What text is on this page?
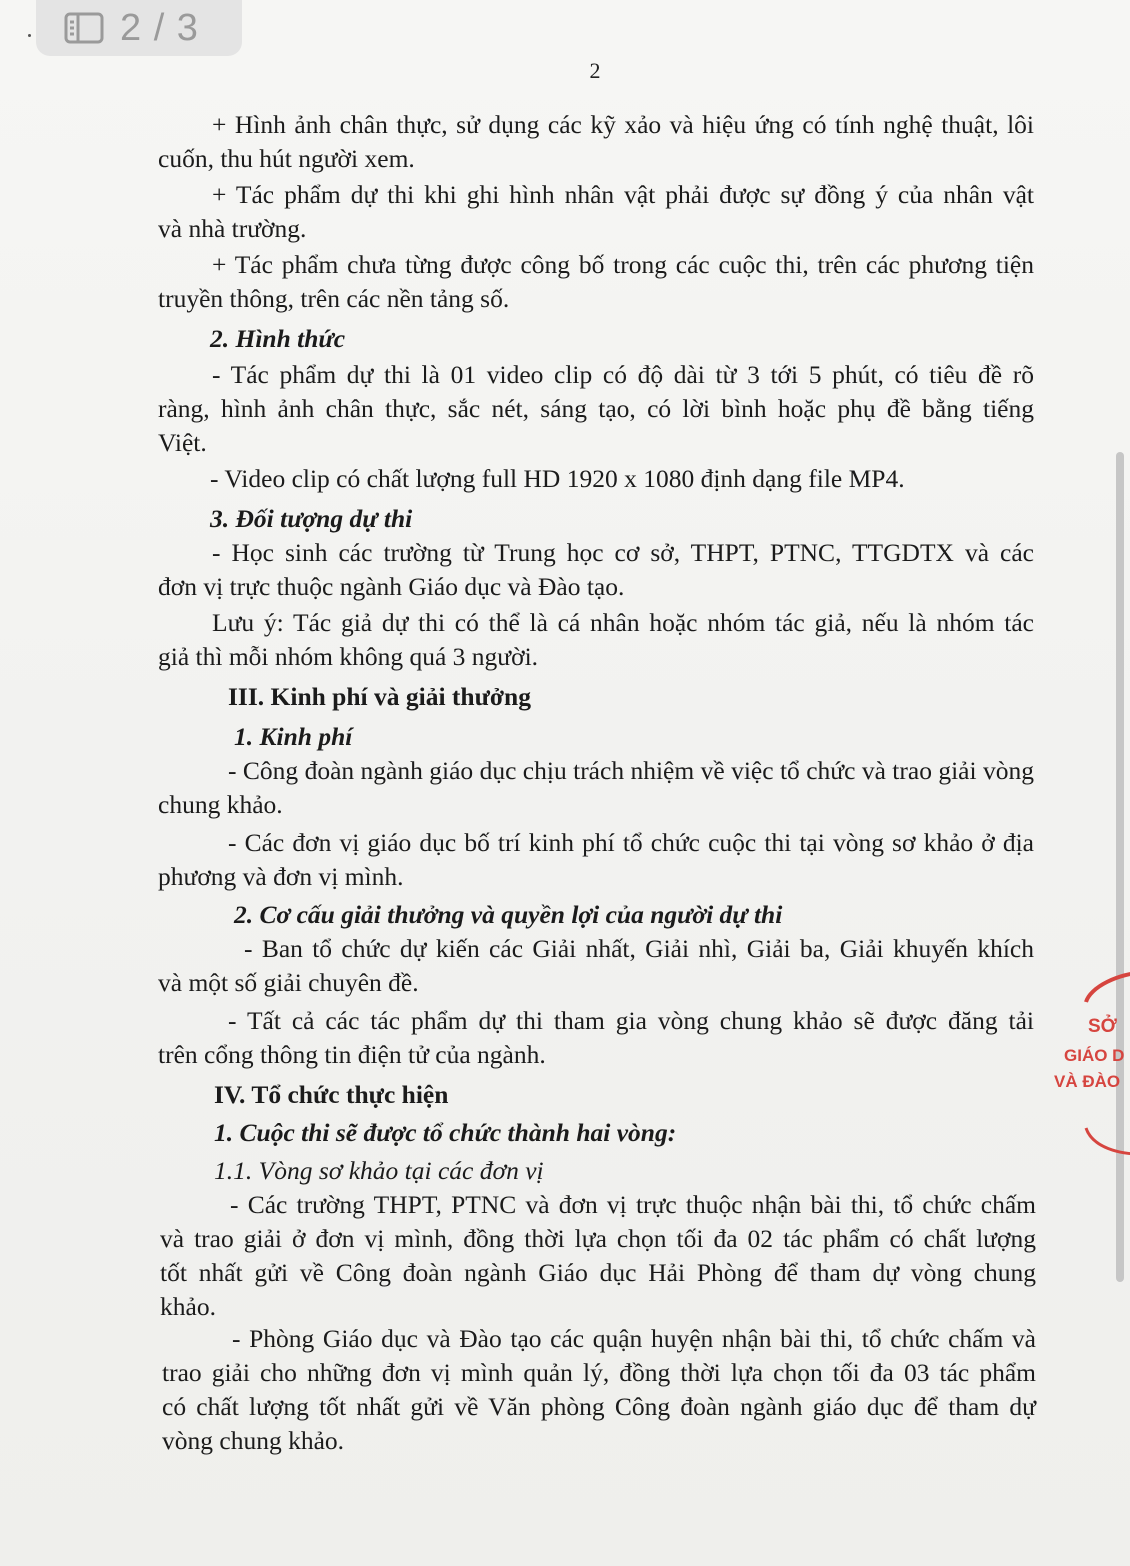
2 / 3
2
+ Hình ảnh chân thực, sử dụng các kỹ xảo và hiệu ứng có tính nghệ thuật, lôi
cuốn, thu hút người xem.
+ Tác phẩm dự thi khi ghi hình nhân vật phải được sự đồng ý của nhân vật
và nhà trường.
+ Tác phẩm chưa từng được công bố trong các cuộc thi, trên các phương tiện
truyền thông, trên các nền tảng số.
2. Hình thức
- Tác phẩm dự thi là 01 video clip có độ dài từ 3 tới 5 phút, có tiêu đề rõ
ràng, hình ảnh chân thực, sắc nét, sáng tạo, có lời bình hoặc phụ đề bằng tiếng
Việt.
- Video clip có chất lượng full HD 1920 x 1080 định dạng file MP4.
3. Đối tượng dự thi
- Học sinh các trường từ Trung học cơ sở, THPT, PTNC, TTGDTX và các
đơn vị trực thuộc ngành Giáo dục và Đào tạo.
Lưu ý: Tác giả dự thi có thể là cá nhân hoặc nhóm tác giả, nếu là nhóm tác
giả thì mỗi nhóm không quá 3 người.
III. Kinh phí và giải thưởng
1. Kinh phí
- Công đoàn ngành giáo dục chịu trách nhiệm về việc tổ chức và trao giải vòng
chung khảo.
- Các đơn vị giáo dục bố trí kinh phí tổ chức cuộc thi tại vòng sơ khảo ở địa
phương và đơn vị mình.
2. Cơ cấu giải thưởng và quyền lợi của người dự thi
- Ban tổ chức dự kiến các Giải nhất, Giải nhì, Giải ba, Giải khuyến khích
và một số giải chuyên đề.
- Tất cả các tác phẩm dự thi tham gia vòng chung khảo sẽ được đăng tải
trên cổng thông tin điện tử của ngành.
IV. Tổ chức thực hiện
1. Cuộc thi sẽ được tổ chức thành hai vòng:
1.1. Vòng sơ khảo tại các đơn vị
- Các trường THPT, PTNC và đơn vị trực thuộc nhận bài thi, tổ chức chấm
và trao giải ở đơn vị mình, đồng thời lựa chọn tối đa 02 tác phẩm có chất lượng
tốt nhất gửi về Công đoàn ngành Giáo dục Hải Phòng để tham dự vòng chung
khảo.
- Phòng Giáo dục và Đào tạo các quận huyện nhận bài thi, tổ chức chấm và
trao giải cho những đơn vị mình quản lý, đồng thời lựa chọn tối đa 03 tác phẩm
có chất lượng tốt nhất gửi về Văn phòng Công đoàn ngành giáo dục để tham dự
vòng chung khảo.
SỞ
GIÁO D
VÀ ĐÀO
